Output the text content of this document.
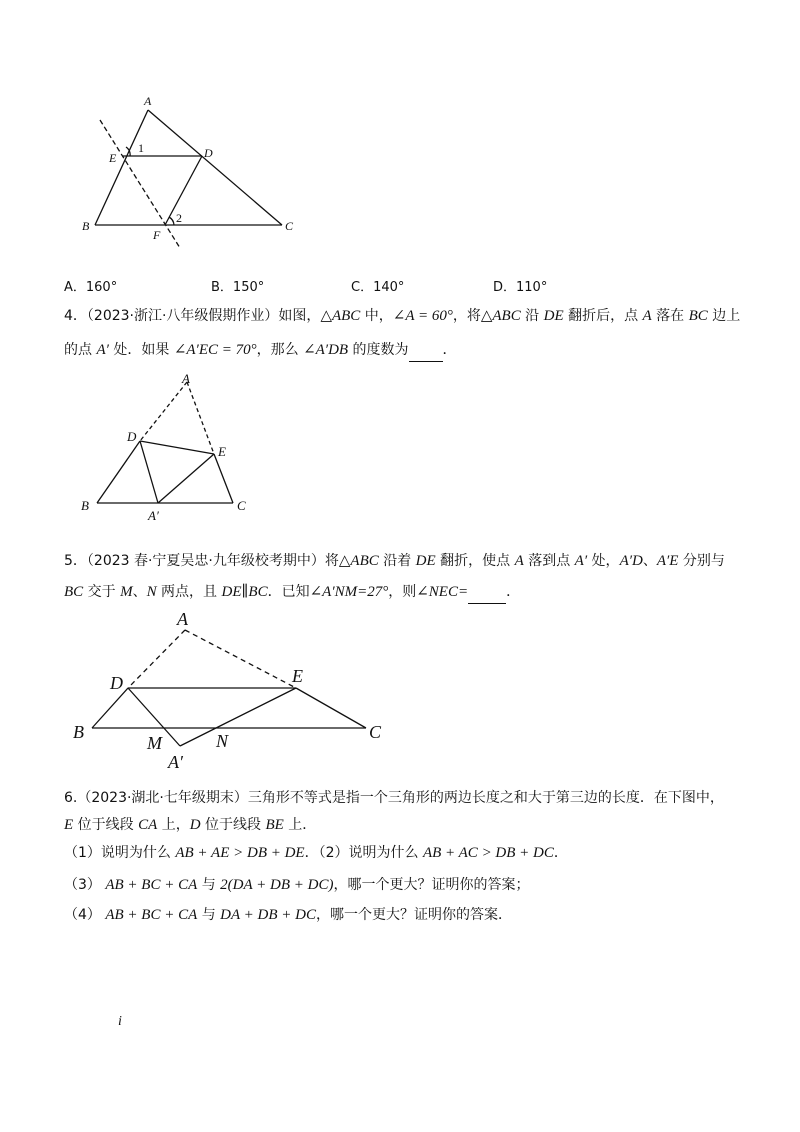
A
E
1	D
B
2
F
C
A．160°	B．150°	C．140°	D．110°
4．（2023·浙江·八年级假期作业）如图，△ABC 中，∠A = 60°，将△ABC 沿 DE 翻折后，点 A 落在 BC 边上
的点 A′ 处．如果 ∠A′EC = 70°，那么 ∠A′DB 的度数为 ．
A
D
E
B
A′
C
5．（2023 春·宁夏吴忠·九年级校考期中）将△ABC 沿着 DE 翻折，使点 A 落到点 A′ 处，A′D、A′E 分别与
BC 交于 M、N 两点，且 DE∥BC．已知∠A′NM=27°，则∠NEC=	．
A
D	E
B
M	N
A′
C
6.（2023·湖北·七年级期末）三角形不等式是指一个三角形的两边长度之和大于第三边的长度．在下图中，
E 位于线段 CA 上，D 位于线段 BE 上．
（1）说明为什么 AB + AE > DB + DE．（2）说明为什么 AB + AC > DB + DC．
（3） AB + BC + CA 与 2(DA + DB + DC)，哪一个更大？证明你的答案；
（4） AB + BC + CA 与 DA + DB + DC，哪一个更大？证明你的答案．
i
